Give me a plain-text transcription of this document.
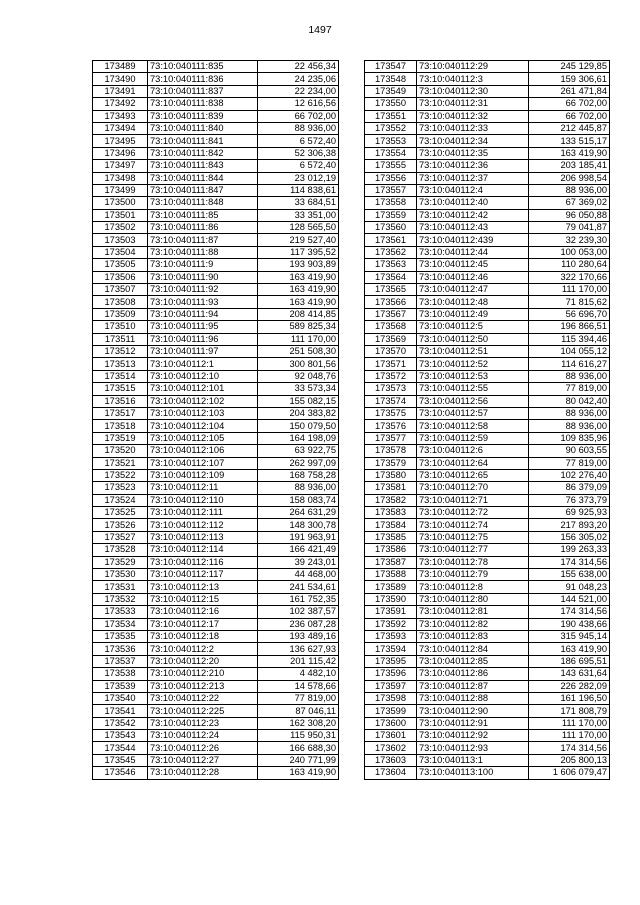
1497
173489	73:10:040111:835	22 456,34
173490	73:10:040111:836	24 235,06
173491	73:10:040111:837	22 234,00
173492	73:10:040111:838	12 616,56
173493	73:10:040111:839	66 702,00
173494	73:10:040111:840	88 936,00
173495	73:10:040111:841	6 572,40
173496	73:10:040111:842	52 306,38
173497	73:10:040111:843	6 572,40
173498	73:10:040111:844	23 012,19
173499	73:10:040111:847	114 838,61
173500	73:10:040111:848	33 684,51
173501	73:10:040111:85	33 351,00
173502	73:10:040111:86	128 565,50
173503	73:10:040111:87	219 527,40
173504	73:10:040111:88	117 395,52
173505	73:10:040111:9	193 903,89
173506	73:10:040111:90	163 419,90
173507	73:10:040111:92	163 419,90
173508	73:10:040111:93	163 419,90
173509	73:10:040111:94	208 414,85
173510	73:10:040111:95	589 825,34
173511	73:10:040111:96	111 170,00
173512	73:10:040111:97	251 508,30
173513	73:10:040112:1	300 801,56
173514	73:10:040112:10	92 048,76
173515	73:10:040112:101	33 573,34
173516	73:10:040112:102	155 082,15
173517	73:10:040112:103	204 383,82
173518	73:10:040112:104	150 079,50
173519	73:10:040112:105	164 198,09
173520	73:10:040112:106	63 922,75
173521	73:10:040112:107	262 997,09
173522	73:10:040112:109	168 758,28
173523	73:10:040112:11	88 936,00
173524	73:10:040112:110	158 083,74
173525	73:10:040112:111	264 631,29
173526	73:10:040112:112	148 300,78
173527	73:10:040112:113	191 963,91
173528	73:10:040112:114	166 421,49
173529	73:10:040112:116	39 243,01
173530	73:10:040112:117	44 468,00
173531	73:10:040112:13	241 534,61
173532	73:10:040112:15	161 752,35
173533	73:10:040112:16	102 387,57
173534	73:10:040112:17	236 087,28
173535	73:10:040112:18	193 489,16
173536	73:10:040112:2	136 627,93
173537	73:10:040112:20	201 115,42
173538	73:10:040112:210	4 482,10
173539	73:10:040112:213	14 578,66
173540	73:10:040112:22	77 819,00
173541	73:10:040112:225	87 046,11
173542	73:10:040112:23	162 308,20
173543	73:10:040112:24	115 950,31
173544	73:10:040112:26	166 688,30
173545	73:10:040112:27	240 771,99
173546	73:10:040112:28	163 419,90
173547	73:10:040112:29	245 129,85
173548	73:10:040112:3	159 306,61
173549	73:10:040112:30	261 471,84
173550	73:10:040112:31	66 702,00
173551	73:10:040112:32	66 702,00
173552	73:10:040112:33	212 445,87
173553	73:10:040112:34	133 515,17
173554	73:10:040112:35	163 419,90
173555	73:10:040112:36	203 185,41
173556	73:10:040112:37	206 998,54
173557	73:10:040112:4	88 936,00
173558	73:10:040112:40	67 369,02
173559	73:10:040112:42	96 050,88
173560	73:10:040112:43	79 041,87
173561	73:10:040112:439	32 239,30
173562	73:10:040112:44	100 053,00
173563	73:10:040112:45	110 280,64
173564	73:10:040112:46	322 170,66
173565	73:10:040112:47	111 170,00
173566	73:10:040112:48	71 815,62
173567	73:10:040112:49	56 696,70
173568	73:10:040112:5	196 866,51
173569	73:10:040112:50	115 394,46
173570	73:10:040112:51	104 055,12
173571	73:10:040112:52	114 616,27
173572	73:10:040112:53	88 936,00
173573	73:10:040112:55	77 819,00
173574	73:10:040112:56	80 042,40
173575	73:10:040112:57	88 936,00
173576	73:10:040112:58	88 936,00
173577	73:10:040112:59	109 835,96
173578	73:10:040112:6	90 603,55
173579	73:10:040112:64	77 819,00
173580	73:10:040112:65	102 276,40
173581	73:10:040112:70	86 379,09
173582	73:10:040112:71	76 373,79
173583	73:10:040112:72	69 925,93
173584	73:10:040112:74	217 893,20
173585	73:10:040112:75	156 305,02
173586	73:10:040112:77	199 263,33
173587	73:10:040112:78	174 314,56
173588	73:10:040112:79	155 638,00
173589	73:10:040112:8	91 048,23
173590	73:10:040112:80	144 521,00
173591	73:10:040112:81	174 314,56
173592	73:10:040112:82	190 438,66
173593	73:10:040112:83	315 945,14
173594	73:10:040112:84	163 419,90
173595	73:10:040112:85	186 695,51
173596	73:10:040112:86	143 631,64
173597	73:10:040112:87	226 282,09
173598	73:10:040112:88	161 196,50
173599	73:10:040112:90	171 808,79
173600	73:10:040112:91	111 170,00
173601	73:10:040112:92	111 170,00
173602	73:10:040112:93	174 314,56
173603	73:10:040113:1	205 800,13
173604	73:10:040113:100	1 606 079,47
